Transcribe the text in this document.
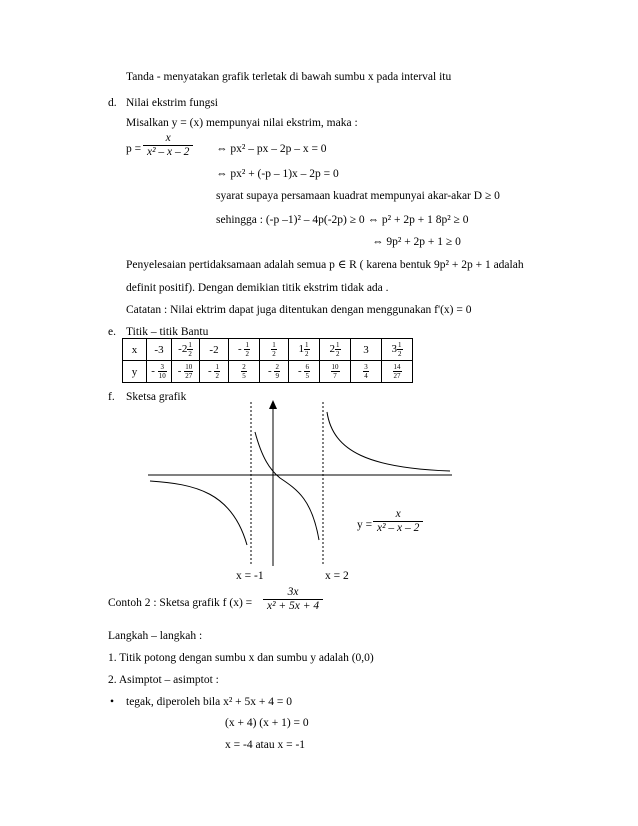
Tanda - menyatakan grafik terletak di bawah sumbu x pada interval itu
d. Nilai ekstrim fungsi
Misalkan y = (x) mempunyai nilai ekstrim, maka :
$p = \frac{x}{\text{x² – x – 2}}$ ⇔ px² – px – 2p – x = 0
⇔ px² + (-p – 1)x – 2p = 0
syarat supaya persamaan kuadrat mempunyai akar-akar D ≥ 0
sehingga : (-p –1)² – 4p(-2p) ≥ 0 ⇔ p² + 2p + 1 8p² ≥ 0
⇔ 9p² + 2p + 1 ≥ 0
Penyelesaian pertidaksamaan adalah semua p ∈ R ( karena bentuk 9p² + 2p + 1 adalah
definit positif). Dengan demikian titik ekstrim tidak ada .
Catatan : Nilai ektrim dapat juga ditentukan dengan menggunakan f'(x) = 0
e. Titik – titik Bantu
x	-3	$-2 \frac{1}{2}$	-2	- $\frac{1}{2}$	$\frac{1}{2}$	$1 \frac{1}{2}$	$2 \frac{1}{2}$	3	$3 \frac{1}{2}$

y	- $\frac{3}{10}$	- $\frac{10}{27}$	- $\frac{1}{2}$	$\frac{2}{5}$	- $\frac{2}{9}$	- $\frac{6}{5}$	$\frac{10}{7}$	$\frac{3}{4}$	$\frac{14}{27}$
f. Sketsa grafik
$y = \frac{x}{\text{x² – x – 2}}$
x = -1	x = 2
Contoh 2 : Sketsa grafik f $(x) = \frac{3x}{\text{x² + 5x + 4}}$
Langkah – langkah :
1. Titik potong dengan sumbu x dan sumbu y adalah (0,0)
2. Asimptot – asimptot :
• tegak, diperoleh bila x² + 5x + 4 = 0
(x + 4) (x + 1) = 0
x = -4 atau x = -1
